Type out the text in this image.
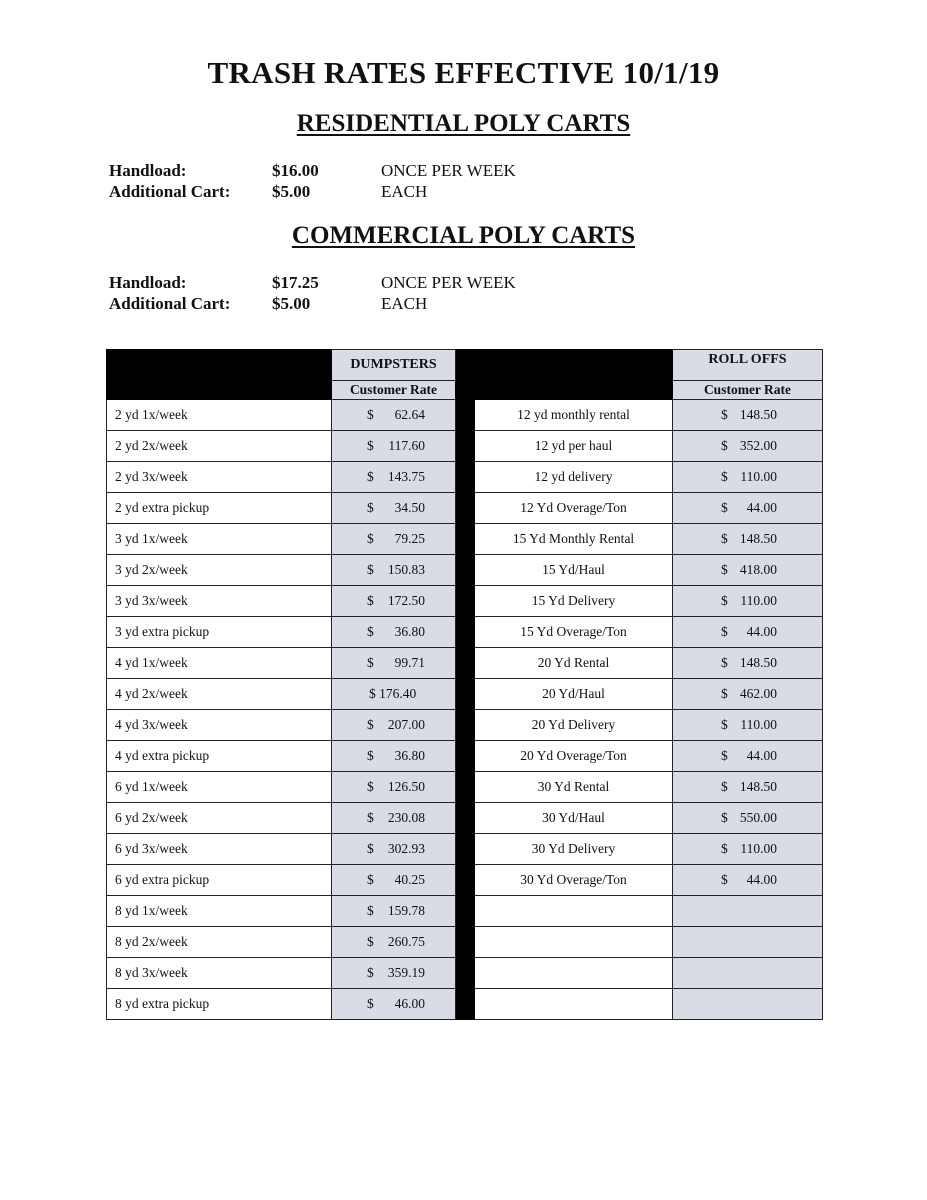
TRASH RATES EFFECTIVE 10/1/19
RESIDENTIAL POLY CARTS
Handload:	$16.00	ONCE PER WEEK
Additional Cart: $5.00	EACH
COMMERCIAL POLY CARTS
Handload:	$17.25	ONCE PER WEEK
Additional Cart: $5.00	EACH
	DUMPSTERS			ROLL OFFS
	Customer Rate			Customer Rate
2 yd 1x/week	$ 62.64		12 yd monthly rental	$ 148.50

2 yd 2x/week	$ 117.60		12 yd per haul	$ 352.00

2 yd 3x/week	$ 143.75		12 yd delivery	$ 110.00

2 yd extra pickup	$ 34.50		12 Yd Overage/Ton	$ 44.00

3 yd 1x/week	$ 79.25		15 Yd Monthly Rental	$ 148.50

3 yd 2x/week	$ 150.83		15 Yd/Haul	$ 418.00

3 yd 3x/week	$ 172.50		15 Yd Delivery	$ 110.00

3 yd extra pickup	$ 36.80		15 Yd Overage/Ton	$ 44.00

4 yd 1x/week	$ 99.71		20 Yd Rental	$ 148.50

4 yd 2x/week	$ 176.40		20 Yd/Haul	$ 462.00

4 yd 3x/week	$ 207.00		20 Yd Delivery	$ 110.00

4 yd extra pickup	$ 36.80		20 Yd Overage/Ton	$ 44.00

6 yd 1x/week	$ 126.50		30 Yd Rental	$ 148.50

6 yd 2x/week	$ 230.08		30 Yd/Haul	$ 550.00

6 yd 3x/week	$ 302.93		30 Yd Delivery	$ 110.00

6 yd extra pickup	$ 40.25		30 Yd Overage/Ton	$ 44.00

8 yd 1x/week	$ 159.78			

8 yd 2x/week	$ 260.75			

8 yd 3x/week	$ 359.19			

8 yd extra pickup	$ 46.00			
